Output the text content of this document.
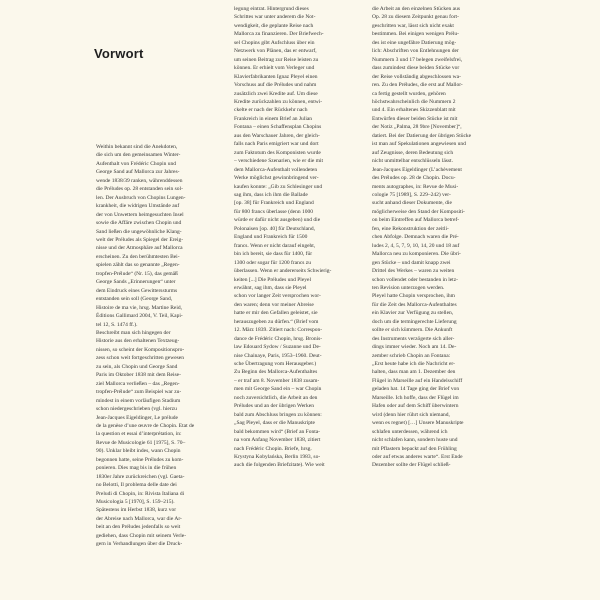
Vorwort
Weithin bekannt sind die Anekdoten,
die sich um den gemeinsamen Winter-
Aufenthalt von Frédéric Chopin und
George Sand auf Mallorca zur Jahres-
wende 1838/39 ranken, währenddessen
die Préludes op. 28 entstanden sein sol-
len. Der Ausbruch von Chopins Lungen-
krankheit, die widrigen Umstände auf
der von Unwettern heimgesuchten Insel
sowie die Affäre zwischen Chopin und
Sand ließen die ungewöhnliche Klang-
welt der Préludes als Spiegel der Ereig-
nisse und der Atmosphäre auf Mallorca
erscheinen. Zu den berühmtesten Bei-
spielen zählt das so genannte „Regen-
tropfen-Prélude“ (Nr. 15), das gemäß
George Sands „Erinnerungen“ unter
dem Eindruck eines Gewitterssturms
entstanden sein soll (George Sand,
Histoire de ma vie, hrsg. Martine Reid,
Éditions Gallimard 2004, V. Teil, Kapi-
tel 12, S. 1474 ff.).
Beschreibt man sich hingegen der
Historie aus den erhaltenen Textzeug-
nissen, so scheint der Kompositionspro-
zess schon weit fortgeschritten gewesen
zu sein, als Chopin und George Sand
Paris im Oktober 1838 mit dem Reise-
ziel Mallorca verließen – das „Regen-
tropfen-Prélude“ zum Beispiel war zu-
mindest in einem vorläufigen Stadium
schon niedergeschrieben (vgl. hierzu
Jean-Jacques Eigeldinger, Le prélude
de la genèse d’une œuvre de Chopin. Etat de
la question et essai d’interprétation, in:
Revue de Musicologie 61 [1975], S. 70–
90). Unklar bleibt indes, wann Chopin
begonnen hatte, seine Préludes zu kom-
ponieren. Dies mag bis in die frühen
1830er Jahre zurückreichen (vgl. Gaeta-
no Belotti, Il problema delle date dei
Preludi di Chopin, in: Rivista Italiana di
Musicologia 5 [1970], S. 159–215).
Spätestens im Herbst 1838, kurz vor
der Abreise nach Mallorca, war die Ar-
beit an den Préludes jedenfalls so weit
gediehen, dass Chopin mit seinem Verle-
gern in Verhandlungen über die Druck-
legung eintrat. Hintergrund dieses
Schrittes war unter anderem die Not-
wendigkeit, die geplante Reise nach
Mallorca zu finanzieren. Der Briefwech-
sel Chopins gibt Aufschluss über ein
Netzwerk von Plänen, das er entwarf,
um seinen Beitrag zur Reise leisten zu
können. Er erhielt vom Verleger und
Klavierfabrikanten Ignaz Pleyel einen
Vorschuss auf die Préludes und nahm
zusätzlich zwei Kredite auf. Um diese
Kredite zurückzahlen zu können, entwi-
ckelte er nach der Rückkehr nach
Frankreich in einem Brief an Julian
Fontana – einen Schaffensplan Chopins
aus den Warschauer Jahren, der gleich-
falls nach Paris emigriert war und dort
zum Faktotum des Komponisten wurde
– verschiedene Szenarien, wie er die mit
dem Mallorca-Aufenthalt vollendeten
Werke möglichst gewinnbringend ver-
kaufen konnte: „Gib zu Schlesinger und
sag ihm, dass ich ihm die Ballade
[op. 38] für Frankreich und England
für 800 francs überlasse (denn 1000
würde er dafür nicht ausgeben) und die
Polonaisen [op. 40] für Deutschland,
England und Frankreich für 1500
francs. Wenn er nicht darauf eingeht,
bin ich bereit, sie dass für 1400, für
1300 oder sogar für 1200 francs zu
überlassen. Wenn er andererseits Schwierig-
keiten [...] Die Préludes und Pleyel
erwähnt, sag ihm, dass sie Pleyel
schon vor langer Zeit versprochen wor-
den waren; denn vor meiner Abreise
hatte er mir den Gefallen geleistet, sie
herauszugeben zu dürfen.“ (Brief vom
12. März 1839. Zitiert nach: Correspon-
dance de Frédéric Chopin, hrsg. Bronis-
law Edouard Sydow / Suzanne und De-
nise Chainaye, Paris, 1953–1960. Deut-
sche Übertragung vom Herausgeber.)
Zu Beginn des Mallorca-Aufenthaltes
– er traf am 8. November 1838 zusam-
men mit George Sand ein – war Chopin
noch zuversichtlich, die Arbeit an den
Préludes und an der übrigen Werken
bald zum Abschluss bringen zu können:
„Sag Pleyel, dass er die Manuskripte
bald bekommen wird“ (Brief an Fonta-
na vom Anfang November 1838, zitiert
nach Frédéric Chopin. Briefe, hrsg.
Krystyna Kobylańska, Berlin 1983, so-
auch die folgenden Briefzitate). Wie weit
die Arbeit an den einzelnen Stücken aus
Op. 28 zu diesem Zeitpunkt genau fort-
geschritten war, lässt sich nicht exakt
bestimmen. Bei einigen wenigen Prélu-
des ist eine ungefähre Datierung mög-
lich: Abschriften von Entlehnungen der
Nummern 3 und 17 belegen zweifelsfrei,
dass zumindest diese beiden Stücke vor
der Reise vollständig abgeschlossen wa-
ren. Zu den Préludes, die erst auf Mallor-
ca fertig gestellt wurden, gehören
höchstwahrscheinlich die Nummern 2
und 4. Ein erhaltenes Skizzenblatt mit
Entwürfen dieser beiden Stücke ist mit
der Notiz „Palma, 28 9bre [November]“,
datiert. Bei der Datierung der übrigen Stücke
ist man auf Spekulationen angewiesen und
auf Zeugnisse, deren Bedeutung sich
nicht unmittelbar entschlüsseln lässt.
Jean-Jacques Eigeldinger (L’achèvement
des Préludes op. 28 de Chopin. Docu-
ments autographes, in: Revue de Musi-
cologie 75 [1989], S. 229–242) ver-
sucht anhand dieser Dokumente, die
möglicherweise den Stand der Kompositi-
on beim Eintreffen auf Mallorca betref-
fen, eine Rekonstruktion der zeitli-
chen Abfolge. Demnach waren die Pré-
ludes 2, 4, 5, 7, 9, 10, 14, 20 und 18 auf
Mallorca neu zu komponieren. Die übri-
gen Stücke – und damit knapp zwei
Drittel des Werkes – waren zu weiten
schon vollendet oder bestanden in letz-
ten Revision unterzogen werden.
Pleyel hatte Chopin versprochen, ihm
für die Zeit des Mallorca-Aufenthaltes
ein Klavier zur Verfügung zu stellen,
doch um die termingerechte Lieferung
sollte er sich kümmern. Die Ankunft
des Instruments verzögerte sich aller-
dings immer wieder. Noch am 14. De-
zember schrieb Chopin an Fontana:
„Erst heute habe ich die Nachricht er-
halten, dass man am 1. Dezember den
Flügel in Marseille auf ein Handelsschiff
geladen hat. 14 Tage ging der Brief von
Marseille. Ich hoffe, dass der Flügel im
Hafen oder auf dem Schiff überwintern
wird (denn hier rührt sich niemand,
wenn es regnet) […] Unsere Manuskripte
schlafen unterdessen, während ich
nicht schlafen kann, sondern huste und
mit Pflastern bepackt auf den Frühling
oder auf etwas anderes warte“. Erst Ende
Dezember sollte der Flügel schließ-
